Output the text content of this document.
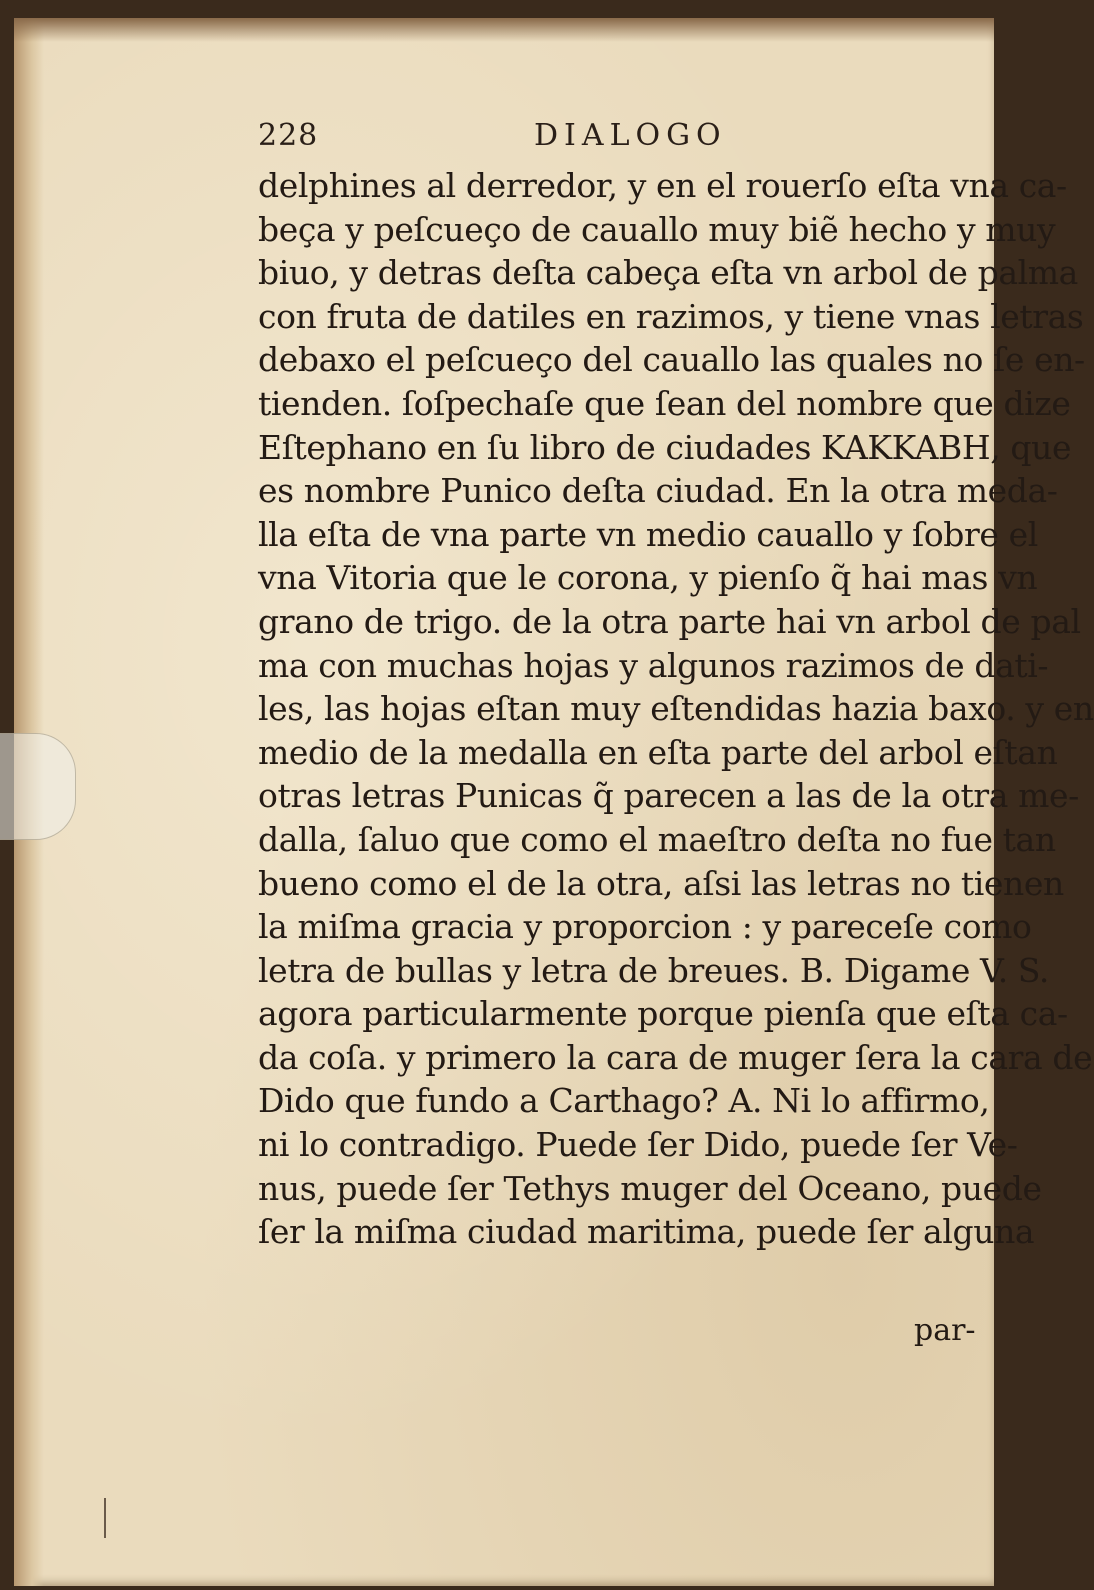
228	DIALOGO
delphines al derredor, y en el rouerſo eſta vna ca-
beça y peſcueço de cauallo muy biẽ hecho y muy
biuo, y detras deſta cabeça eſta vn arbol de palma
con fruta de datiles en razimos, y tiene vnas letras
debaxo el peſcueço del cauallo las quales no ſe en-
tienden. ſoſpechaſe que ſean del nombre que dize
Eſtephano en ſu libro de ciudades KAKKABH, que
es nombre Punico deſta ciudad. En la otra meda-
lla eſta de vna parte vn medio cauallo y ſobre el
vna Vitoria que le corona, y pienſo q̃ hai mas vn
grano de trigo. de la otra parte hai vn arbol de pal
ma con muchas hojas y algunos razimos de dati-
les, las hojas eſtan muy eſtendidas hazia baxo. y en
medio de la medalla en eſta parte del arbol eſtan
otras letras Punicas q̃ parecen a las de la otra me-
dalla, ſaluo que como el maeſtro deſta no fue tan
bueno como el de la otra, aſsi las letras no tienen
la miſma gracia y proporcion : y pareceſe como
letra de bullas y letra de breues. B. Digame V. S.
agora particularmente porque pienſa que eſta ca-
da coſa. y primero la cara de muger ſera la cara de
Dido que fundo a Carthago? A. Ni lo affirmo,
ni lo contradigo. Puede ſer Dido, puede ſer Ve-
nus, puede ſer Tethys muger del Oceano, puede
ſer la miſma ciudad maritima, puede ſer alguna
par-
